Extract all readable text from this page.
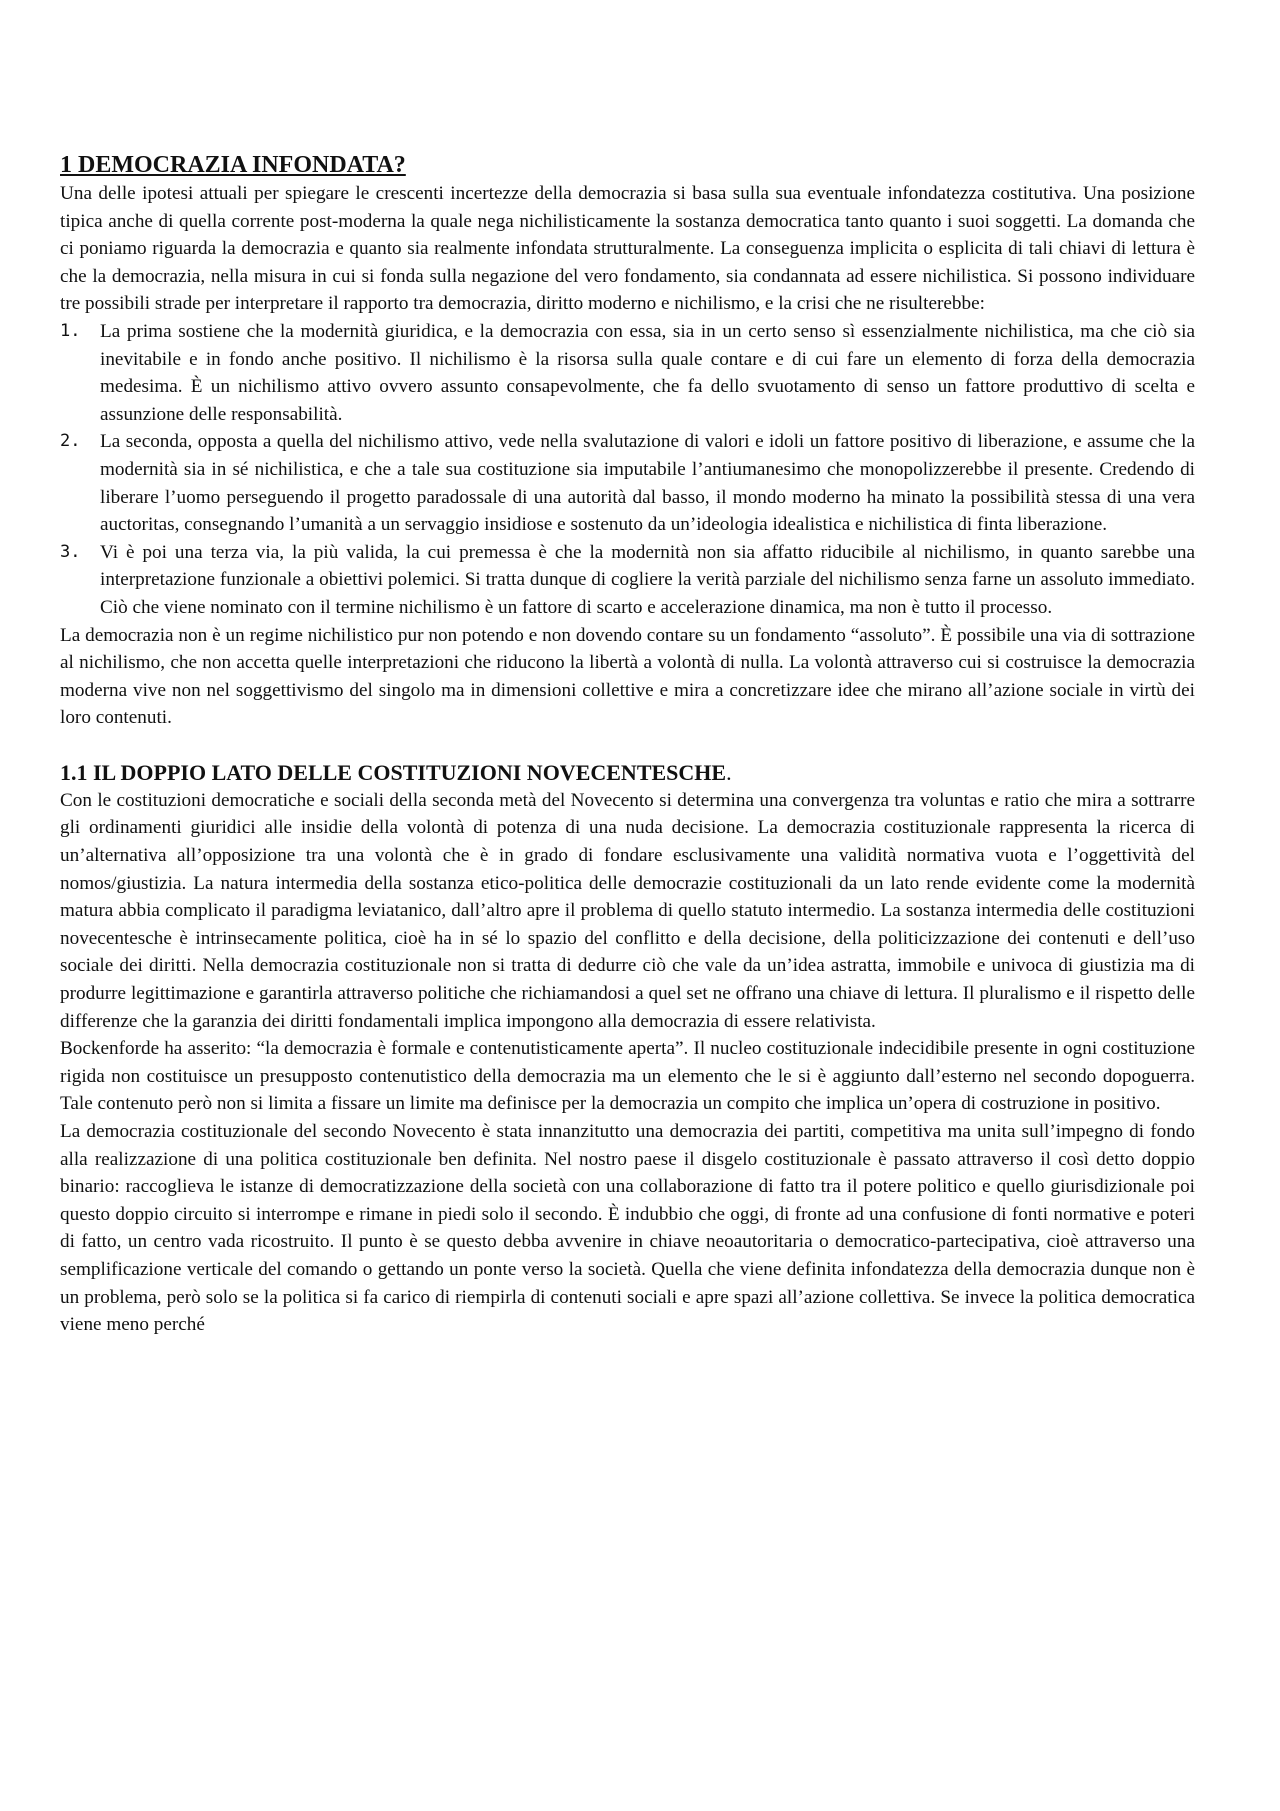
1 DEMOCRAZIA INFONDATA?

Una delle ipotesi attuali per spiegare le crescenti incertezze della democrazia si basa sulla sua eventuale infondatezza costitutiva. Una posizione tipica anche di quella corrente post-moderna la quale nega nichilisticamente la sostanza democratica tanto quanto i suoi soggetti. La domanda che ci poniamo riguarda la democrazia e quanto sia realmente infondata strutturalmente. La conseguenza implicita o esplicita di tali chiavi di lettura è che la democrazia, nella misura in cui si fonda sulla negazione del vero fondamento, sia condannata ad essere nichilistica. Si possono individuare tre possibili strade per interpretare il rapporto tra democrazia, diritto moderno e nichilismo, e la crisi che ne risulterebbe:

1. La prima sostiene che la modernità giuridica, e la democrazia con essa, sia in un certo senso sì essenzialmente nichilistica, ma che ciò sia inevitabile e in fondo anche positivo. Il nichilismo è la risorsa sulla quale contare e di cui fare un elemento di forza della democrazia medesima. È un nichilismo attivo ovvero assunto consapevolmente, che fa dello svuotamento di senso un fattore produttivo di scelta e assunzione delle responsabilità.
2. La seconda, opposta a quella del nichilismo attivo, vede nella svalutazione di valori e idoli un fattore positivo di liberazione, e assume che la modernità sia in sé nichilistica, e che a tale sua costituzione sia imputabile l’antiumanesimo che monopolizzerebbe il presente. Credendo di liberare l’uomo perseguendo il progetto paradossale di una autorità dal basso, il mondo moderno ha minato la possibilità stessa di una vera auctoritas, consegnando l’umanità a un servaggio insidiose e sostenuto da un’ideologia idealistica e nichilistica di finta liberazione.
3. Vi è poi una terza via, la più valida, la cui premessa è che la modernità non sia affatto riducibile al nichilismo, in quanto sarebbe una interpretazione funzionale a obiettivi polemici. Si tratta dunque di cogliere la verità parziale del nichilismo senza farne un assoluto immediato. Ciò che viene nominato con il termine nichilismo è un fattore di scarto e accelerazione dinamica, ma non è tutto il processo.

La democrazia non è un regime nichilistico pur non potendo e non dovendo contare su un fondamento “assoluto”. È possibile una via di sottrazione al nichilismo, che non accetta quelle interpretazioni che riducono la libertà a volontà di nulla. La volontà attraverso cui si costruisce la democrazia moderna vive non nel soggettivismo del singolo ma in dimensioni collettive e mira a concretizzare idee che mirano all’azione sociale in virtù dei loro contenuti.

1.1 IL DOPPIO LATO DELLE COSTITUZIONI NOVECENTESCHE.

Con le costituzioni democratiche e sociali della seconda metà del Novecento si determina una convergenza tra voluntas e ratio che mira a sottrarre gli ordinamenti giuridici alle insidie della volontà di potenza di una nuda decisione. La democrazia costituzionale rappresenta la ricerca di un’alternativa all’opposizione tra una volontà che è in grado di fondare esclusivamente una validità normativa vuota e l’oggettività del nomos/giustizia. La natura intermedia della sostanza etico-politica delle democrazie costituzionali da un lato rende evidente come la modernità matura abbia complicato il paradigma leviatanico, dall’altro apre il problema di quello statuto intermedio. La sostanza intermedia delle costituzioni novecentesche è intrinsecamente politica, cioè ha in sé lo spazio del conflitto e della decisione, della politicizzazione dei contenuti e dell’uso sociale dei diritti. Nella democrazia costituzionale non si tratta di dedurre ciò che vale da un’idea astratta, immobile e univoca di giustizia ma di produrre legittimazione e garantirla attraverso politiche che richiamandosi a quel set ne offrano una chiave di lettura. Il pluralismo e il rispetto delle differenze che la garanzia dei diritti fondamentali implica impongono alla democrazia di essere relativista.

Bockenforde ha asserito: “la democrazia è formale e contenutisticamente aperta”. Il nucleo costituzionale indecidibile presente in ogni costituzione rigida non costituisce un presupposto contenutistico della democrazia ma un elemento che le si è aggiunto dall’esterno nel secondo dopoguerra. Tale contenuto però non si limita a fissare un limite ma definisce per la democrazia un compito che implica un’opera di costruzione in positivo.

La democrazia costituzionale del secondo Novecento è stata innanzitutto una democrazia dei partiti, competitiva ma unita sull’impegno di fondo alla realizzazione di una politica costituzionale ben definita. Nel nostro paese il disgelo costituzionale è passato attraverso il così detto doppio binario: raccoglieva le istanze di democratizzazione della società con una collaborazione di fatto tra il potere politico e quello giurisdizionale poi questo doppio circuito si interrompe e rimane in piedi solo il secondo. È indubbio che oggi, di fronte ad una confusione di fonti normative e poteri di fatto, un centro vada ricostruito. Il punto è se questo debba avvenire in chiave neoautoritaria o democratico-partecipativa, cioè attraverso una semplificazione verticale del comando o gettando un ponte verso la società. Quella che viene definita infondatezza della democrazia dunque non è un problema, però solo se la politica si fa carico di riempirla di contenuti sociali e apre spazi all’azione collettiva. Se invece la politica democratica viene meno perché
